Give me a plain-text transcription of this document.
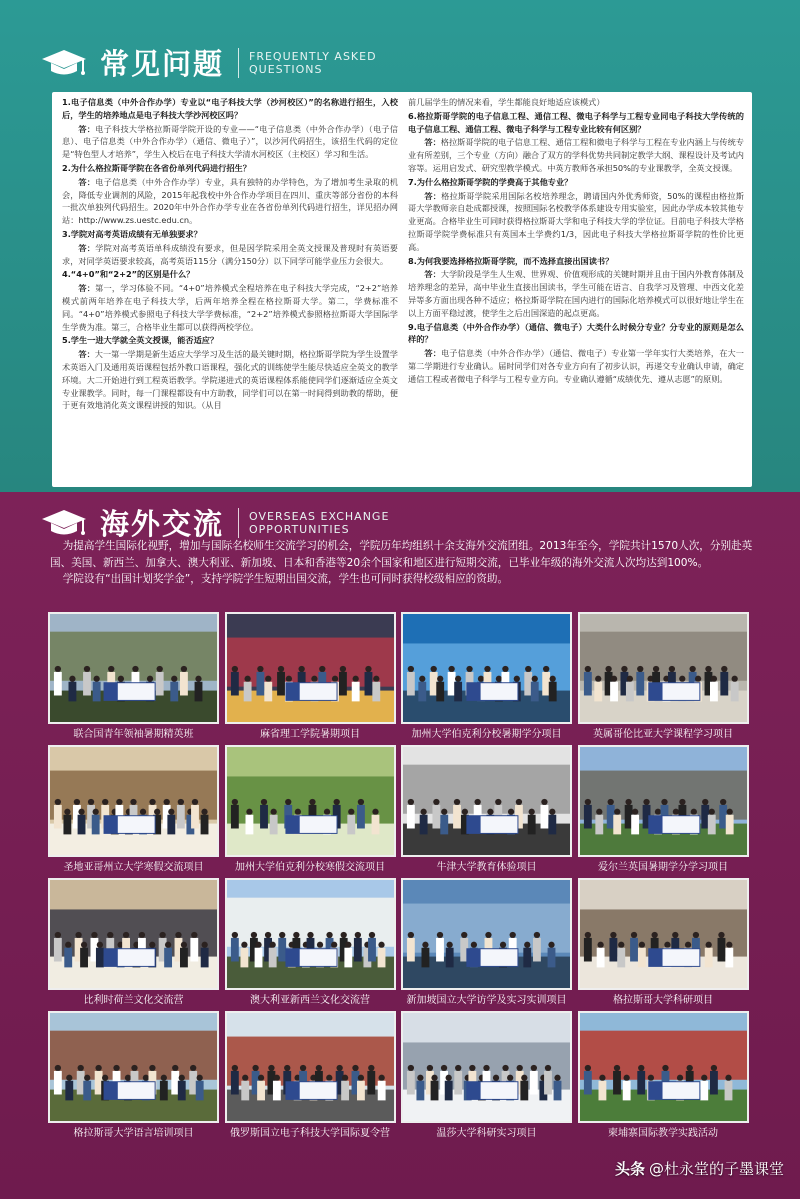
常见问题 FREQUENTLY ASKED
QUESTIONS

1.电子信息类（中外合作办学）专业以“电子科技大学（沙河校区）”的名称进行招生，入校后，学生的培养地点是电子科技大学沙河校区吗？

答：电子科技大学格拉斯哥学院开设的专业——“电子信息类（中外合作办学）（电子信息）、电子信息类（中外合作办学）（通信、微电子）”，以沙河代码招生，该招生代码的定位是“特色型人才培养”，学生入校后在电子科技大学清水河校区（主校区）学习和生活。

2.为什么格拉斯哥学院在各省份单列代码进行招生？

答：电子信息类（中外合作办学）专业，具有独特的办学特色，为了增加考生录取的机会，降低专业调剂的风险，2015年起我校中外合作办学项目在四川、重庆等部分省份的本科一批次单独列代码招生。2020年中外合作办学专业在各省份单列代码进行招生，详见招办网站：http://www.zs.uestc.edu.cn。

3.学院对高考英语成绩有无单独要求？

答：学院对高考英语单科成绩没有要求，但是因学院采用全英文授课及普现时有英语要求，对同学英语要求较高，高考英语115分（满分150分）以下同学可能学业压力会很大。

4.“4+0”和“2+2”的区别是什么？

答：第一，学习体验不同。“4+0”培养模式全程培养在电子科技大学完成，“2+2”培养模式前两年培养在电子科技大学，后两年培养全程在格拉斯哥大学。第二，学费标准不同。“4+0”培养模式参照电子科技大学学费标准，“2+2”培养模式参照格拉斯哥大学国际学生学费为准。第三，合格毕业生都可以获得两校学位。

5.学生一进大学就全英文授课，能否适应？

答：大一第一学期是新生适应大学学习及生活的最关键时期，格拉斯哥学院为学生设置学术英语入门及通用英语课程包括外教口语课程，强化式的训练使学生能尽快适应全英文的教学环境。大二开始进行到工程英语教学。学院递进式的英语课程体系能使同学们逐渐适应全英文专业课教学。同时，每一门课程都设有中方助教，同学们可以在第一时间得到助教的帮助，便于更有效地消化英文课程讲授的知识。（从目

前几届学生的情况来看，学生都能良好地适应该模式）

6.格拉斯哥学院的电子信息工程、通信工程、微电子科学与工程专业同电子科技大学传统的电子信息工程、通信工程、微电子科学与工程专业比较有何区别？

答：格拉斯哥学院的电子信息工程、通信工程和微电子科学与工程在专业内涵上与传统专业有所差别，三个专业（方向）融合了双方的学科优势共同制定教学大纲、课程设计及考试内容等。运用启发式、研究型教学模式。中英方教师各承担50%的专业课教学，全英文授课。

7.为什么格拉斯哥学院的学费高于其他专业？

答：格拉斯哥学院采用国际名校培养理念，聘请国内外优秀师资，50%的课程由格拉斯哥大学教师亲自赴成都授课，按照国际名校教学体系建设专用实验室，因此办学成本较其他专业更高。合格毕业生可同时获得格拉斯哥大学和电子科技大学的学位证。目前电子科技大学格拉斯哥学院学费标准只有英国本土学费约1/3，因此电子科技大学格拉斯哥学院的性价比更高。

8.为何我要选择格拉斯哥学院，而不选择直接出国读书？

答：大学阶段是学生人生观、世界观、价值观形成的关键时期并且由于国内外教育体制及培养理念的差异，高中毕业生直接出国读书，学生可能在语言、自我学习及管理、中西文化差异等多方面出现各种不适应；格拉斯哥学院在国内进行的国际化培养模式可以很好地让学生在以上方面平稳过渡，使学生之后出国深造的起点更高。

9.电子信息类（中外合作办学）（通信、微电子）大类什么时候分专业？分专业的原则是怎么样的？

答：电子信息类（中外合作办学）（通信、微电子）专业第一学年实行大类培养，在大一第二学期进行专业确认。届时同学们对各专业方向有了初步认识，再递交专业确认申请，确定通信工程或者微电子科学与工程专业方向。专业确认遵循“成绩优先、遵从志愿”的原则。

海外交流 OVERSEAS EXCHANGE
OPPORTUNITIES

为提高学生国际化视野，增加与国际名校师生交流学习的机会，学院历年均组织十余支海外交流团组。2013年至今，学院共计1570人次，分别赴英国、美国、新西兰、加拿大、澳大利亚、新加坡、日本和香港等20余个国家和地区进行短期交流，已毕业年级的海外交流人次均达到100%。

学院设有“出国计划奖学金”，支持学院学生短期出国交流，学生也可同时获得校级相应的资助。

联合国青年领袖暑期精英班	麻省理工学院暑期项目	加州大学伯克利分校暑期学分项目	英属哥伦比亚大学课程学习项目
圣地亚哥州立大学寒假交流项目	加州大学伯克利分校寒假交流项目	牛津大学教育体验项目	爱尔兰英国暑期学分学习项目
比利时荷兰文化交流营	澳大利亚新西兰文化交流营	新加坡国立大学访学及实习实训项目	格拉斯哥大学科研项目
格拉斯哥大学语言培训项目	俄罗斯国立电子科技大学国际夏令营	温莎大学科研实习项目	柬埔寨国际教学实践活动
头条 @杜永堂的子墨课堂
